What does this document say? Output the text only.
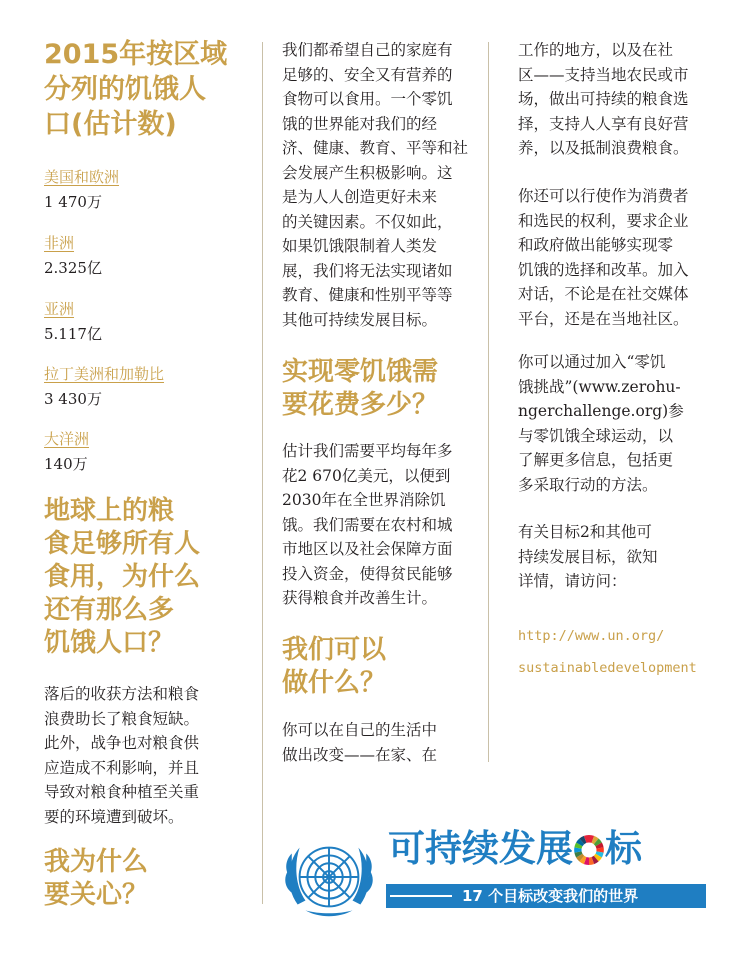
2015年按区域
分列的饥饿人
口(估计数)

美国和欧洲

1 470万

非洲

2.325亿

亚洲

5.117亿

拉丁美洲和加勒比

3 430万

大洋洲

140万

地球上的粮
食足够所有人
食用，为什么
还有那么多
饥饿人口？

落后的收获方法和粮食
浪费助长了粮食短缺。
此外，战争也对粮食供
应造成不利影响，并且
导致对粮食种植至关重
要的环境遭到破坏。

我为什么
要关心？

我们都希望自己的家庭有
足够的、安全又有营养的
食物可以食用。一个零饥
饿的世界能对我们的经
济、健康、教育、平等和社
会发展产生积极影响。这
是为人人创造更好未来
的关键因素。不仅如此，
如果饥饿限制着人类发
展，我们将无法实现诸如
教育、健康和性别平等等
其他可持续发展目标。

实现零饥饿需
要花费多少？

估计我们需要平均每年多
花2 670亿美元，以便到
2030年在全世界消除饥
饿。我们需要在农村和城
市地区以及社会保障方面
投入资金，使得贫民能够
获得粮食并改善生计。

我们可以
做什么？

你可以在自己的生活中
做出改变——在家、在

工作的地方，以及在社
区——支持当地农民或市
场，做出可持续的粮食选
择，支持人人享有良好营
养，以及抵制浪费粮食。

你还可以行使作为消费者
和选民的权利，要求企业
和政府做出能够实现零
饥饿的选择和改革。加入
对话，不论是在社交媒体
平台，还是在当地社区。

你可以通过加入“零饥
饿挑战”(www.zerohu-
ngerchallenge.org)参
与零饥饿全球运动，以
了解更多信息，包括更
多采取行动的方法。

有关目标2和其他可
持续发展目标，欲知
详情，请访问：

http://www.un.org/
sustainabledevelopment

可持续发展 标

17 个目标改变我们的世界
